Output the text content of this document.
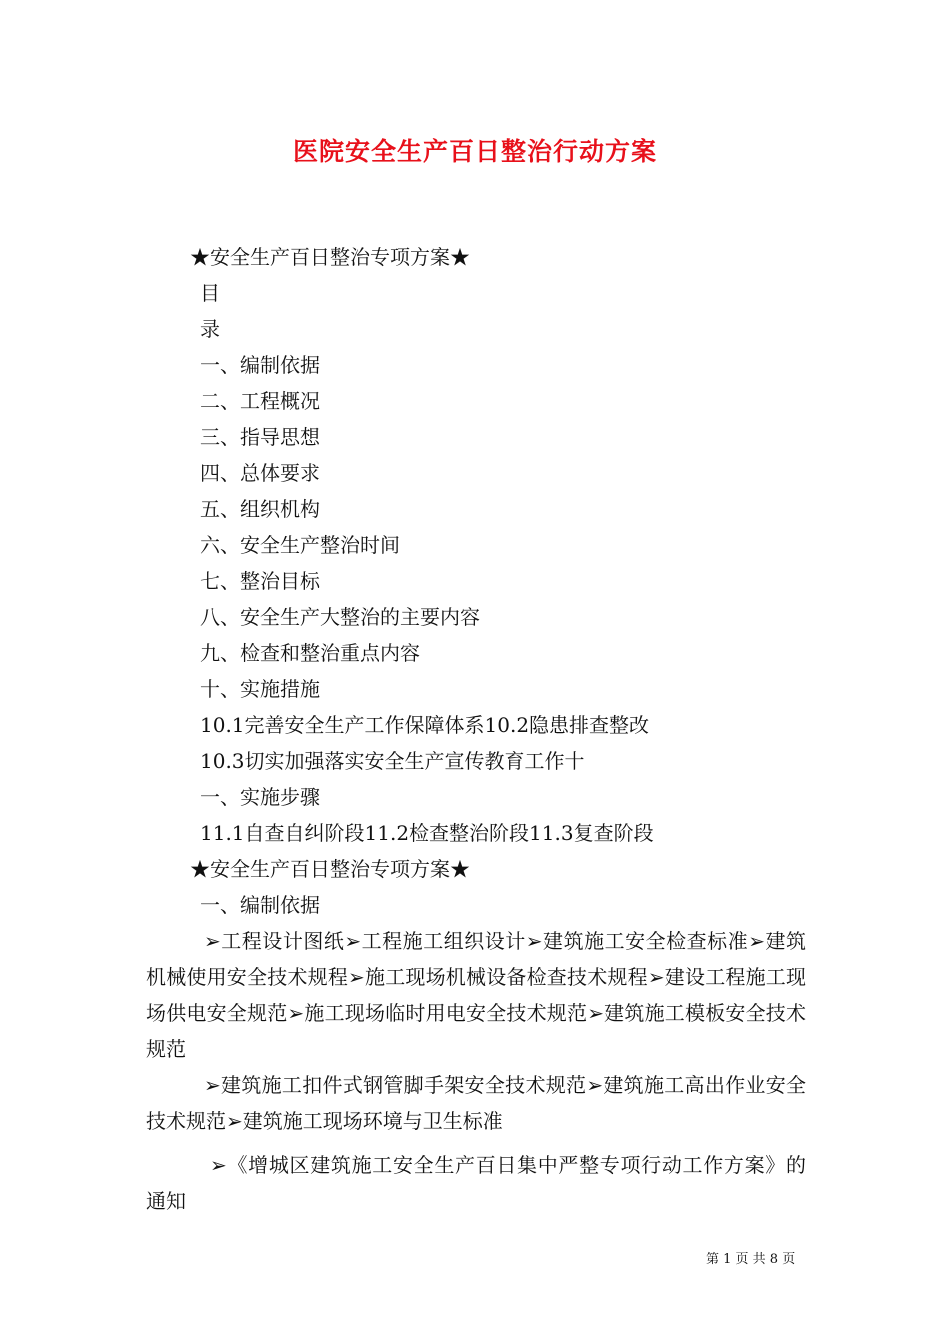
医院安全生产百日整治行动方案
★安全生产百日整治专项方案★
目
录
一、编制依据
二、工程概况
三、指导思想
四、总体要求
五、组织机构
六、安全生产整治时间
七、整治目标
八、安全生产大整治的主要内容
九、检查和整治重点内容
十、实施措施
10.1完善安全生产工作保障体系10.2隐患排查整改
10.3切实加强落实安全生产宣传教育工作十
一、实施步骤
11.1自查自纠阶段11.2检查整治阶段11.3复查阶段
★安全生产百日整治专项方案★
一、编制依据
➢工程设计图纸➢工程施工组织设计➢建筑施工安全检查标准➢建筑机械使用安全技术规程➢施工现场机械设备检查技术规程➢建设工程施工现场供电安全规范➢施工现场临时用电安全技术规范➢建筑施工模板安全技术规范
➢建筑施工扣件式钢管脚手架安全技术规范➢建筑施工高出作业安全技术规范➢建筑施工现场环境与卫生标准
➢《增城区建筑施工安全生产百日集中严整专项行动工作方案》的通知
第 1 页 共 8 页
